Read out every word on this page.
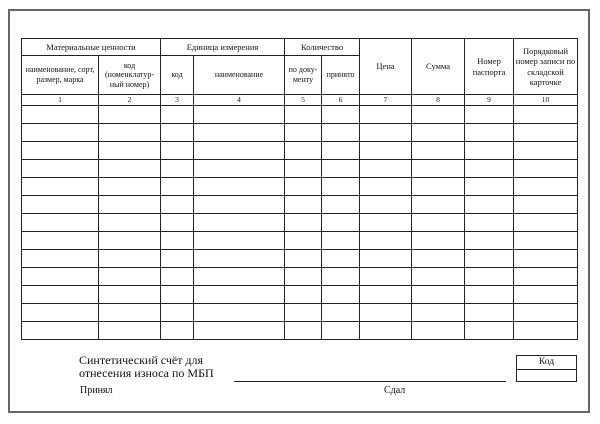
Материальные ценности		Единица измерения		Количество		Цена	Сумма	Номер паспорта	Порядковый номер записи по складской карточке
наименование, сорт, размер, марка	код (номенклатур-ный номер)	код	наименование	по доку-менту	принято				
1	2	3	4	5	6	7	8	9	10

Синтетический счёт для
отнесения износа по МБП
Принял	Сдал
Код
